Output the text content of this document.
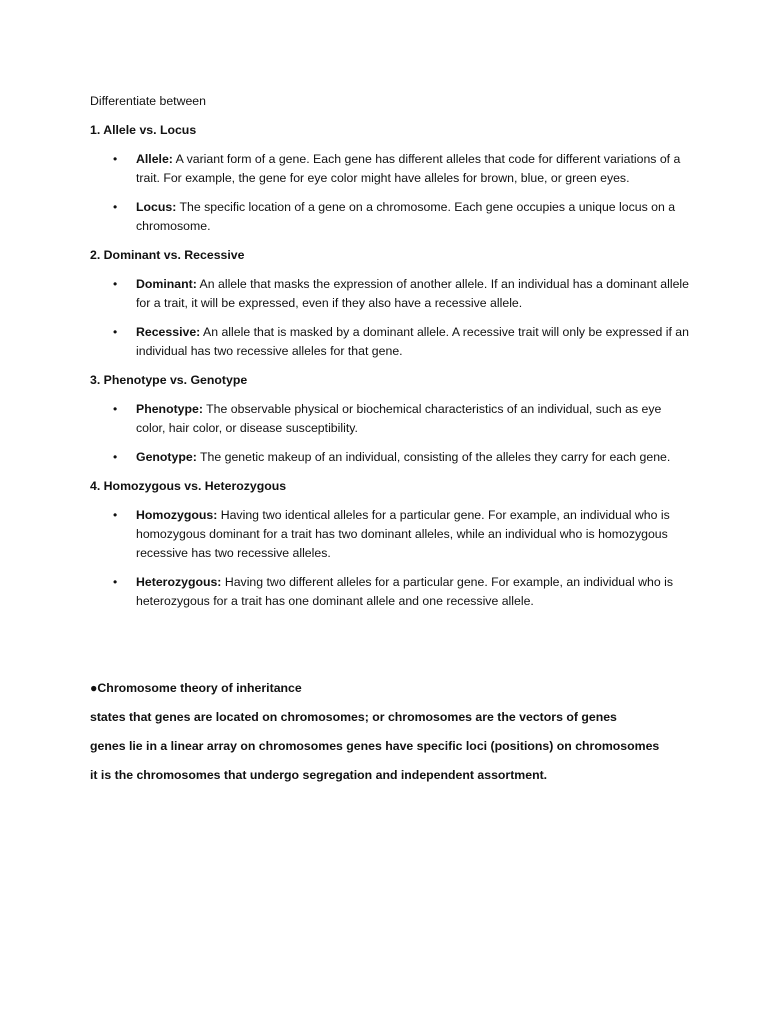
Differentiate between

1. Allele vs. Locus

• Allele: A variant form of a gene. Each gene has different alleles that code for different variations of a trait. For example, the gene for eye color might have alleles for brown, blue, or green eyes.
• Locus: The specific location of a gene on a chromosome. Each gene occupies a unique locus on a chromosome.

2. Dominant vs. Recessive

• Dominant: An allele that masks the expression of another allele. If an individual has a dominant allele for a trait, it will be expressed, even if they also have a recessive allele.
• Recessive: An allele that is masked by a dominant allele. A recessive trait will only be expressed if an individual has two recessive alleles for that gene.

3. Phenotype vs. Genotype

• Phenotype: The observable physical or biochemical characteristics of an individual, such as eye color, hair color, or disease susceptibility.
• Genotype: The genetic makeup of an individual, consisting of the alleles they carry for each gene.

4. Homozygous vs. Heterozygous

• Homozygous: Having two identical alleles for a particular gene. For example, an individual who is homozygous dominant for a trait has two dominant alleles, while an individual who is homozygous recessive has two recessive alleles.
• Heterozygous: Having two different alleles for a particular gene. For example, an individual who is heterozygous for a trait has one dominant allele and one recessive allele.

●Chromosome theory of inheritance

states that genes are located on chromosomes; or chromosomes are the vectors of genes

genes lie in a linear array on chromosomes genes have specific loci (positions) on chromosomes

it is the chromosomes that undergo segregation and independent assortment.
